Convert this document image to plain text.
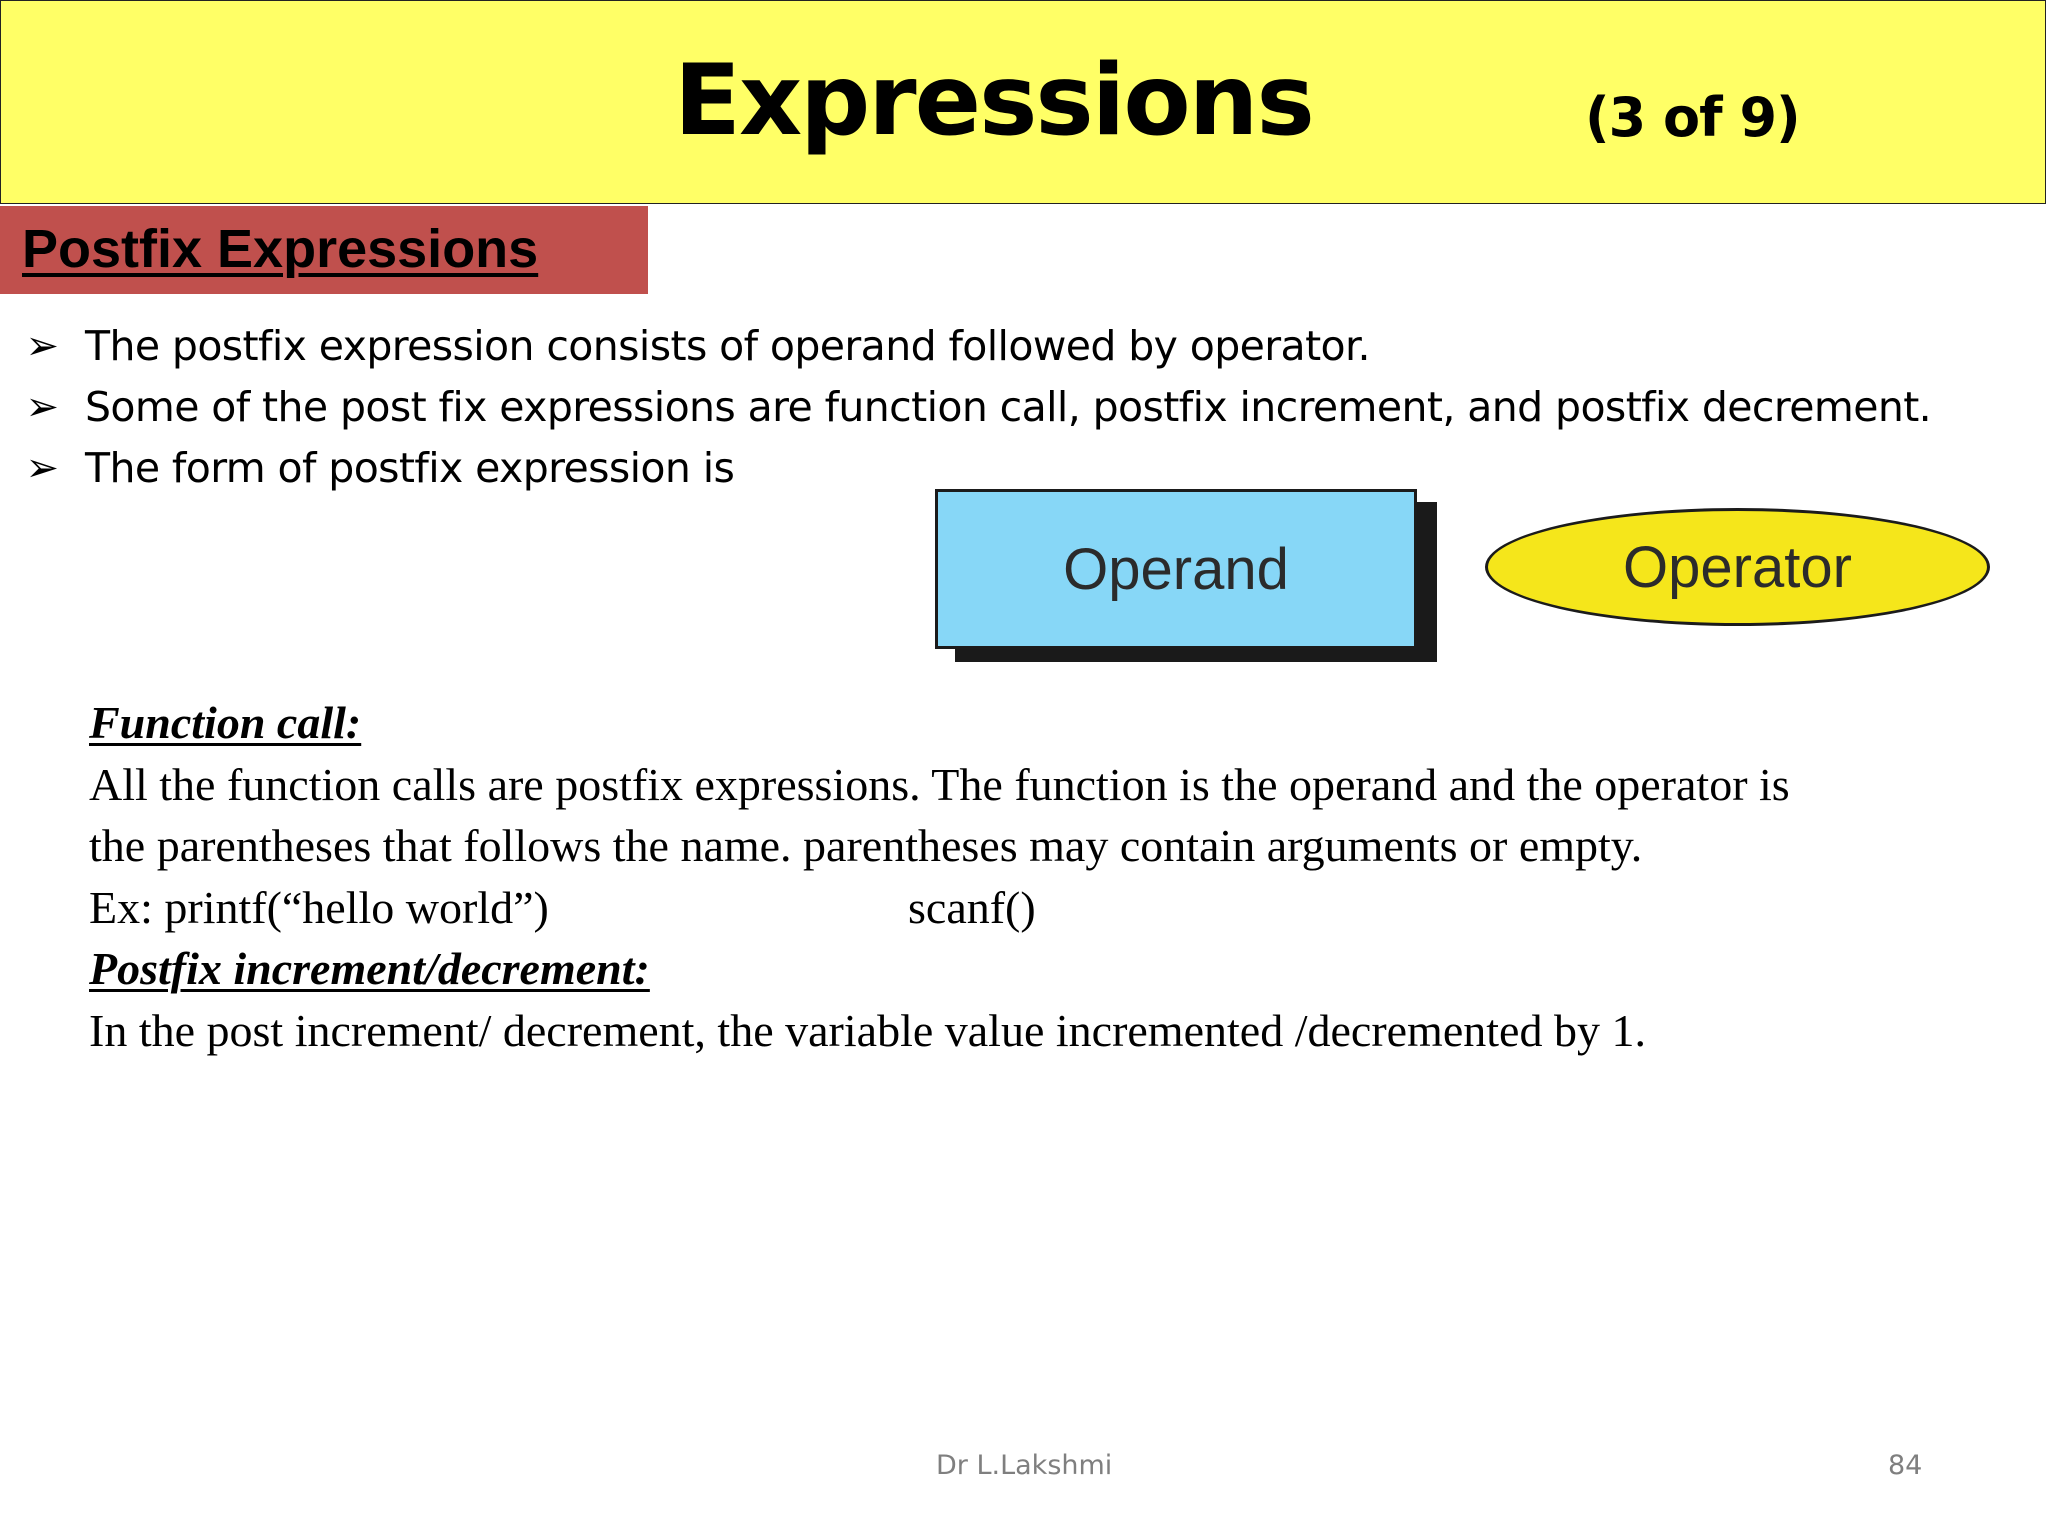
Expressions	(3 of 9)
Postfix Expressions
➢ The postfix expression consists of operand followed by operator.
➢ Some of the post fix expressions are function call, postfix increment, and postfix decrement.
➢ The form of postfix expression is
Operand	Operator
Function call:
All the function calls are postfix expressions. The function is the operand and the operator is
the parentheses that follows the name. parentheses may contain arguments or empty.
Ex: printf(“hello world”)	scanf()
Postfix increment/decrement:
In the post increment/ decrement, the variable value incremented /decremented by 1.
Dr L.Lakshmi	84
